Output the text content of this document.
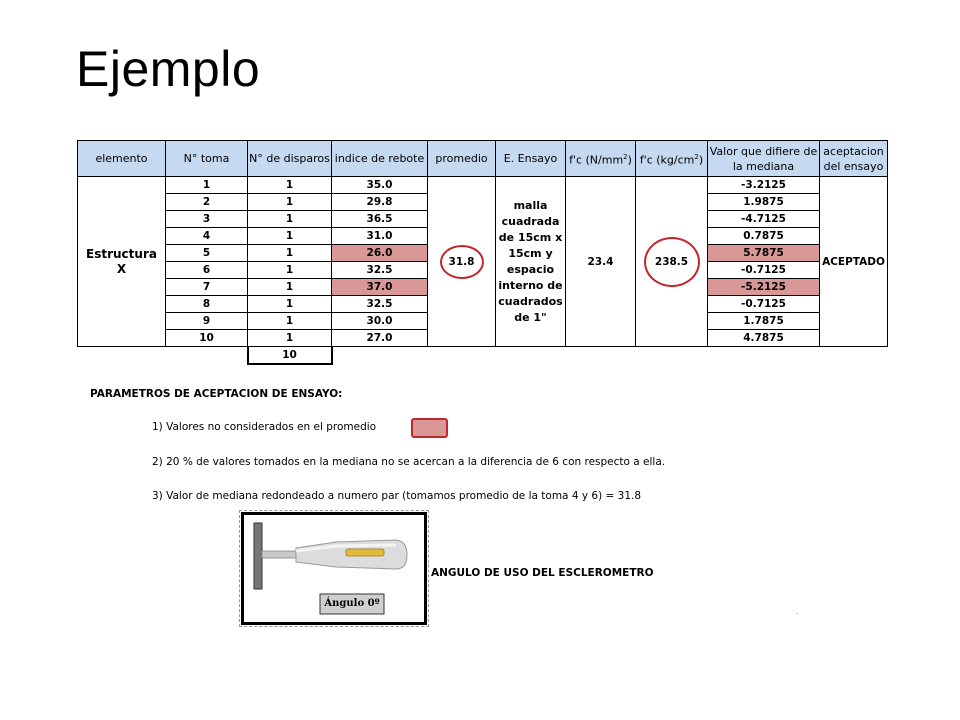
Ejemplo
elemento	N° toma	N° de disparos	indice de rebote	promedio	E. Ensayo	f'c $(N/mm^2)$	f'c $(kg/cm^2)$	Valor que difiere de la mediana	aceptacion del ensayo
Estructura X	1	1	35.0	31.8	malla cuadrada de 15cm x 15cm y espacio interno de cuadrados de 1"	23.4	238.5	-3.2125	ACEPTADO
	2	1	29.8					1.9875	
	3	1	36.5					-4.7125	
	4	1	31.0					0.7875	
	5	1	26.0					5.7875	
	6	1	32.5					-0.7125	
	7	1	37.0					-5.2125	
	8	1	32.5					-0.7125	
	9	1	30.0					1.7875	
	10	1	27.0					4.7875	
		10							
PARAMETROS DE ACEPTACION DE ENSAYO:
1) Valores no considerados en el promedio
2) 20 % de valores tomados en la mediana no se acercan a la diferencia de 6 con respecto a ella.
3) Valor de mediana redondeado a numero par (tomamos promedio de la toma 4 y 6) = 31.8
Ángulo 0º
ANGULO DE USO DEL ESCLEROMETRO
.
